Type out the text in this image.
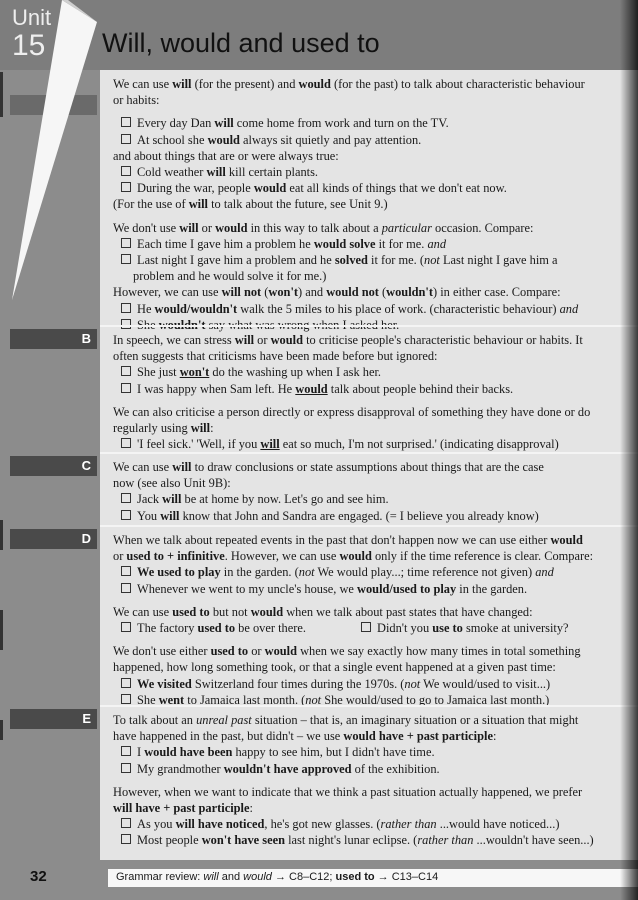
Unit
15 Will, would and used to
We can use will (for the present) and would (for the past) to talk about characteristic behaviour
or habits:
Every day Dan will come home from work and turn on the TV.
At school she would always sit quietly and pay attention.
and about things that are or were always true:
Cold weather will kill certain plants.
During the war, people would eat all kinds of things that we don't eat now.
(For the use of will to talk about the future, see Unit 9.)
We don't use will or would in this way to talk about a particular occasion. Compare:
Each time I gave him a problem he would solve it for me. and
Last night I gave him a problem and he solved it for me. (not Last night I gave him a
problem and he would solve it for me.)
However, we can use will not (won't) and would not (wouldn't) in either case. Compare:
He would/wouldn't walk the 5 miles to his place of work. (characteristic behaviour) and
She wouldn't say what was wrong when I asked her.
In speech, we can stress will or would to criticise people's characteristic behaviour or habits. It
often suggests that criticisms have been made before but ignored:
She just won't do the washing up when I ask her.
I was happy when Sam left. He would talk about people behind their backs.
We can also criticise a person directly or express disapproval of something they have done or do
regularly using will:
'I feel sick.' 'Well, if you will eat so much, I'm not surprised.' (indicating disapproval)
We can use will to draw conclusions or state assumptions about things that are the case
now (see also Unit 9B):
Jack will be at home by now. Let's go and see him.
You will know that John and Sandra are engaged. (= I believe you already know)
When we talk about repeated events in the past that don't happen now we can use either would
or used to + infinitive. However, we can use would only if the time reference is clear. Compare:
We used to play in the garden. (not We would play...; time reference not given) and
Whenever we went to my uncle's house, we would/used to play in the garden.
We can use used to but not would when we talk about past states that have changed:
The factory used to be over there.	Didn't you use to smoke at university?
We don't use either used to or would when we say exactly how many times in total something
happened, how long something took, or that a single event happened at a given past time:
We visited Switzerland four times during the 1970s. (not We would/used to visit...)
She went to Jamaica last month. (not She would/used to go to Jamaica last month.)
To talk about an unreal past situation – that is, an imaginary situation or a situation that might
have happened in the past, but didn't – we use would have + past participle:
I would have been happy to see him, but I didn't have time.
My grandmother wouldn't have approved of the exhibition.
However, when we want to indicate that we think a past situation actually happened, we prefer
will have + past participle:
As you will have noticed, he's got new glasses. (rather than ...would have noticed...)
Most people won't have seen last night's lunar eclipse. (rather than ...wouldn't have seen...)
B
C
D
E
32	Grammar review: will and would → C8–C12; used to → C13–C14
